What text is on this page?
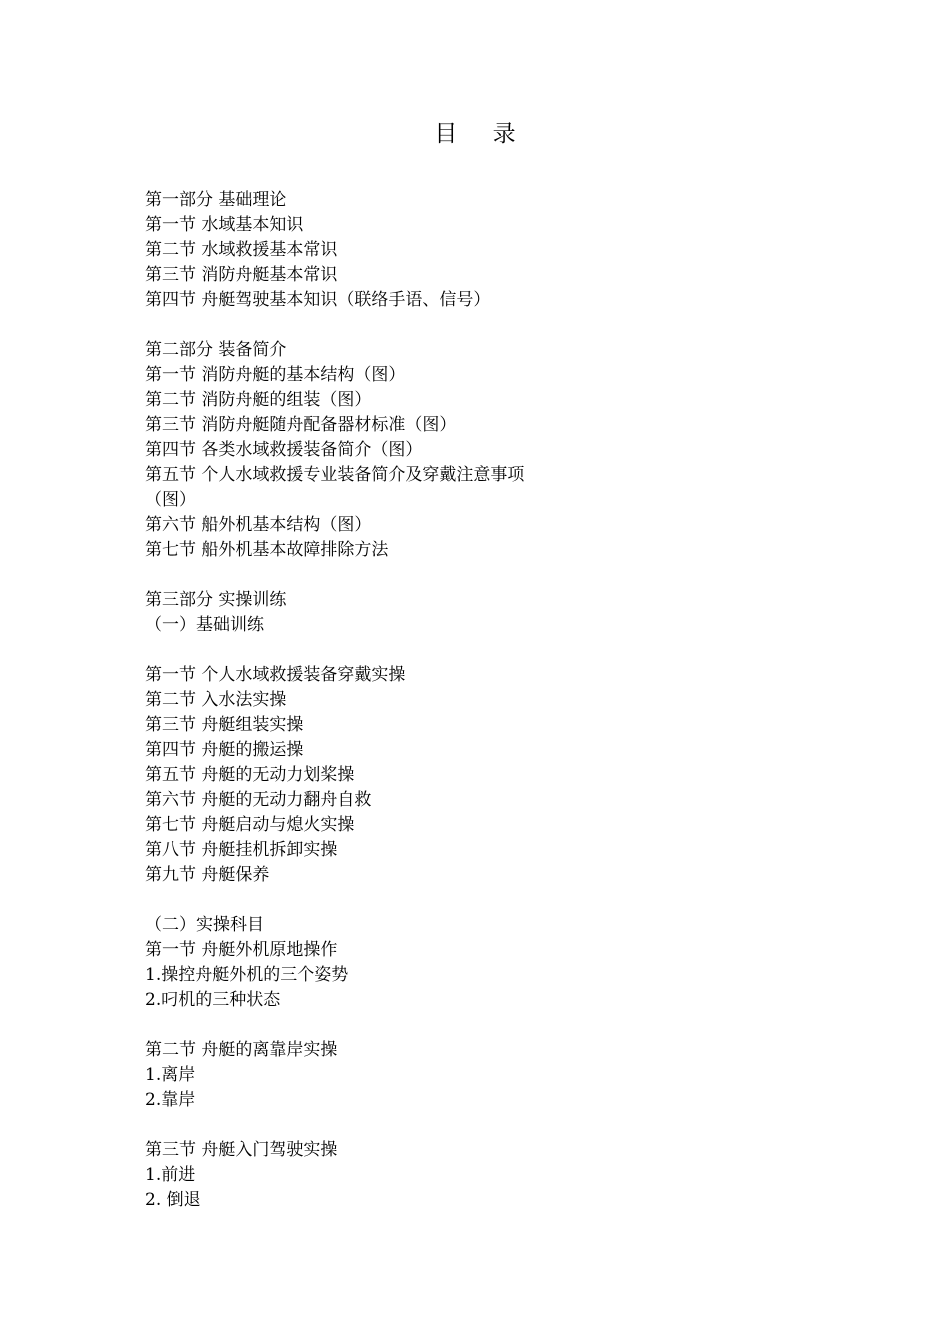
目 录
第一部分 基础理论
第一节 水域基本知识
第二节 水域救援基本常识
第三节 消防舟艇基本常识
第四节 舟艇驾驶基本知识（联络手语、信号）
第二部分 装备简介
第一节 消防舟艇的基本结构（图）
第二节 消防舟艇的组装（图）
第三节 消防舟艇随舟配备器材标准（图）
第四节 各类水域救援装备简介（图）
第五节 个人水域救援专业装备简介及穿戴注意事项
（图）
第六节 船外机基本结构（图）
第七节 船外机基本故障排除方法
第三部分 实操训练
（一）基础训练
第一节 个人水域救援装备穿戴实操
第二节 入水法实操
第三节 舟艇组装实操
第四节 舟艇的搬运操
第五节 舟艇的无动力划桨操
第六节 舟艇的无动力翻舟自救
第七节 舟艇启动与熄火实操
第八节 舟艇挂机拆卸实操
第九节 舟艇保养
（二）实操科目
第一节 舟艇外机原地操作
1.操控舟艇外机的三个姿势
2.叼机的三种状态
第二节 舟艇的离靠岸实操
1.离岸
2.靠岸
第三节 舟艇入门驾驶实操
1.前进
2. 倒退
